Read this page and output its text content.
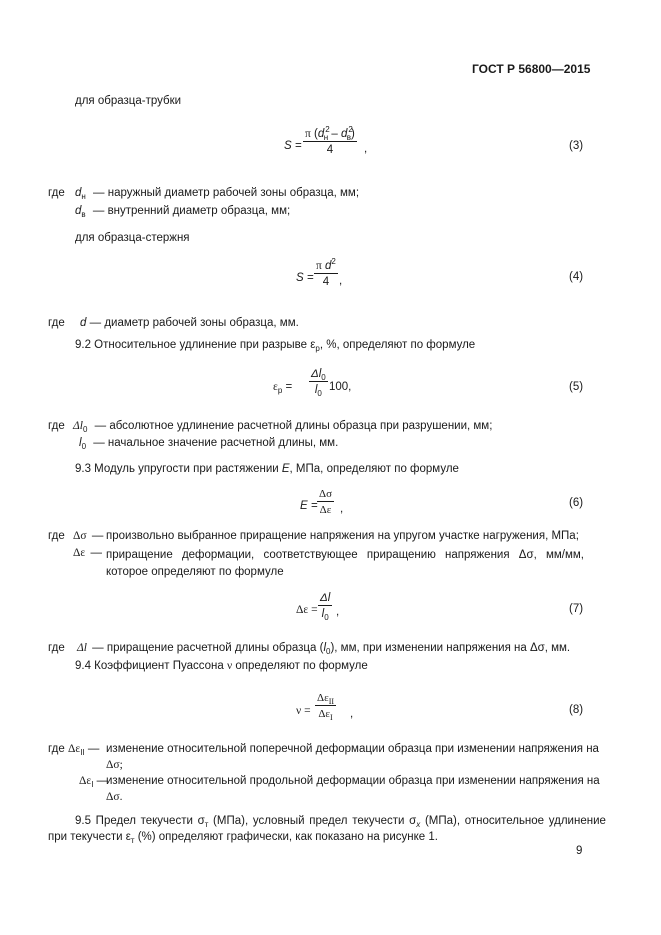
ГОСТ Р 56800—2015
для образца-трубки
S =
π $(d^2_н - d^2_в)$
4	,	(3)
где $d_н$ — наружный диаметр рабочей зоны образца, мм;
$d_в$ — внутренний диаметр образца, мм;
для образца-стержня
$S = \frac{\pi d^2}{4}$ ,	(4)
где d — диаметр рабочей зоны образца, мм.
9.2 Относительное удлинение при разрыве $\varepsilon_р$, %, определяют по формуле
$\varepsilon_р = \frac{\Delta l_0}{l_0} 100$,	(5)
где $\Delta l_0$ — абсолютное удлинение расчетной длины образца при разрушении, мм;
$l_0$ — начальное значение расчетной длины, мм.
9.3 Модуль упругости при растяжении E, МПа, определяют по формуле
$E = \frac{\Delta\sigma}{\Delta\varepsilon}$ ,	(6)
где Δσ — произвольно выбранное приращение напряжения на упругом участке нагружения, МПа;
Δε — приращение деформации, соответствующее приращению напряжения Δσ, мм/мм, которое определяют по формуле
$\Delta\varepsilon = \frac{\Delta l}{l_0}$ ,	(7)
где Δl — приращение расчетной длины образца $(l_0)$, мм, при изменении напряжения на Δσ, мм.
9.4 Коэффициент Пуассона ν определяют по формуле
ν =
$\Delta\varepsilon_{II}$
$\Delta\varepsilon_I$ ,	(8)
где $\Delta\varepsilon_{II}$ — изменение относительной поперечной деформации образца при изменении напряжения на
Δσ;
$\Delta\varepsilon_I$ —
изменение относительной продольной деформации образца при изменении напряжения на
Δσ.
9.5 Предел текучести $\sigma_т$ (МПа), условный предел текучести $\sigma_x$ (МПа), относительное удлинение
при текучести $\varepsilon_т$ (%) определяют графически, как показано на рисунке 1.
9
